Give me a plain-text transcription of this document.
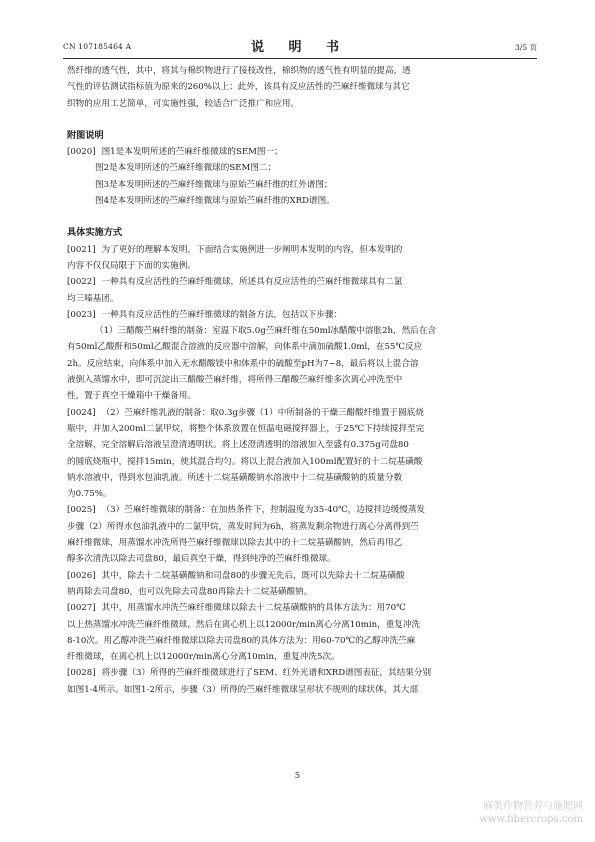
CN 107185464 A	说 明 书	3/5 页

然纤维的透气性，其中，将其与棉织物进行了接枝改性，棉织物的透气性有明显的提高，透

气性的评估测试指标值为原来的260%以上；此外，该具有反应活性的苎麻纤维微球与其它

织物的应用工艺简单，可实施性强，较适合广泛推广和应用。

附图说明

[0020] 图1是本发明所述的苎麻纤维微球的SEM图一；

图2是本发明所述的苎麻纤维微球的SEM图二；

图3是本发明所述的苎麻纤维微球与原始苎麻纤维的红外谱图；

图4是本发明所述的苎麻纤维微球与原始苎麻纤维的XRD谱图。

具体实施方式

[0021] 为了更好的理解本发明，下面结合实施例进一步阐明本发明的内容，但本发明的

内容不仅仅局限于下面的实施例。

[0022] 一种具有反应活性的苎麻纤维微球，所述具有反应活性的苎麻纤维微球具有二氯

均三嗪基团。

[0023] 一种具有反应活性的苎麻纤维微球的制备方法，包括以下步骤：

（1）三醋酸苎麻纤维的制备：室温下取5.0g苎麻纤维在50ml冰醋酸中溶胀2h，然后在含

有50ml乙酸酐和50ml乙酸混合溶液的反应器中溶解，向体系中滴加硫酸1.0ml，在55℃反应

2h。反应结束，向体系中加入无水醋酸镁中和体系中的硫酸至pH为7~8，最后将以上混合溶

液倒入蒸馏水中，即可沉淀出三醋酸苎麻纤维，将所得三醋酸苎麻纤维多次离心冲洗至中

性，置于真空干燥箱中干燥备用。

[0024] （2）苎麻纤维乳液的制备：取0.3g步骤（1）中所制备的干燥三醋酸纤维置于圆底烧

瓶中，并加入200ml二氯甲烷，将整个体系放置在恒温电磁搅拌器上，于25℃下持续搅拌至完

全溶解，完全溶解后溶液呈澄清透明状。将上述澄清透明的溶液加入至盛有0.375g司盘80

的圆底烧瓶中，搅拌15min，使其混合均匀。将以上混合液加入100ml配置好的十二烷基磺酸

钠水溶液中，得到水包油乳液。所述十二烷基磺酸钠水溶液中十二烷基磺酸钠的质量分数

为0.75%。

[0025] （3）苎麻纤维微球的制备：在加热条件下，控制温度为35-40℃，边搅拌边缓慢蒸发

步骤（2）所得水包油乳液中的二氯甲烷，蒸发时间为6h，将蒸发剩余物进行离心分离得到苎

麻纤维微球，用蒸馏水冲洗所得苎麻纤维微球以除去其中的十二烷基磺酸钠，然后再用乙

醇多次清洗以除去司盘80，最后真空干燥，得到纯净的苎麻纤维微球。

[0026] 其中，除去十二烷基磺酸钠和司盘80的步骤无先后，既可以先除去十二烷基磺酸

钠再除去司盘80，也可以先除去司盘80再除去十二烷基磺酸钠。

[0027] 其中，用蒸馏水冲洗苎麻纤维微球以除去十二烷基磺酸钠的具体方法为：用70℃

以上热蒸馏水冲洗苎麻纤维微球，然后在离心机上以12000r/min离心分离10min，重复冲洗

8-10次。用乙醇冲洗苎麻纤维微球以除去司盘80的具体方法为：用60-70℃的乙醇冲洗苎麻

纤维微球，在离心机上以12000r/min离心分离10min，重复冲洗5次。

[0028] 将步骤（3）所得的苎麻纤维微球进行了SEM、红外光谱和XRD谱图表征，其结果分别

如图1-4所示。如图1-2所示，步骤（3）所得的苎麻纤维微球呈形状不规则的球状体，其大部

5
麻类作物营养与施肥网
www.fibercrops.com
